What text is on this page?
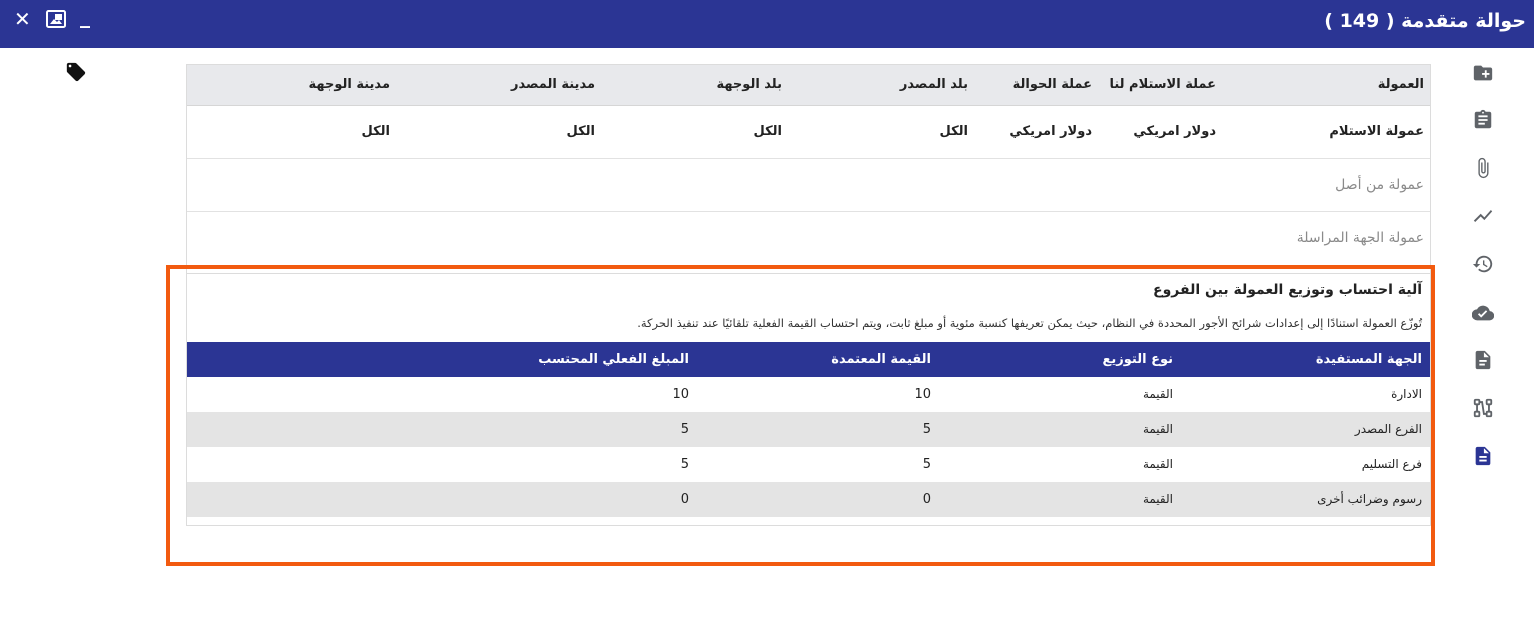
✕ _	حوالة متقدمة ( 149 )
العمولة
عملة الاستلام لنا
عملة الحوالة
بلد المصدر
بلد الوجهة
مدينة المصدر
مدينة الوجهة
عمولة الاستلام
دولار امريكي
دولار امريكي
الكل
الكل
الكل
الكل
عمولة من أصل
عمولة الجهة المراسلة
آلية احتساب وتوزيع العمولة بين الفروع
تُوزّع العمولة استنادًا إلى إعدادات شرائح الأجور المحددة في النظام، حيث يمكن تعريفها كنسبة مئوية أو مبلغ ثابت، ويتم احتساب القيمة الفعلية تلقائيًا عند تنفيذ الحركة.
الجهة المستفيدة
نوع التوزيع
القيمة المعتمدة
المبلغ الفعلي المحتسب
الادارة
القيمة
10
10
الفرع المصدر
القيمة
5
5
فرع التسليم
القيمة
5
5
رسوم وضرائب أخرى
القيمة
0
0
